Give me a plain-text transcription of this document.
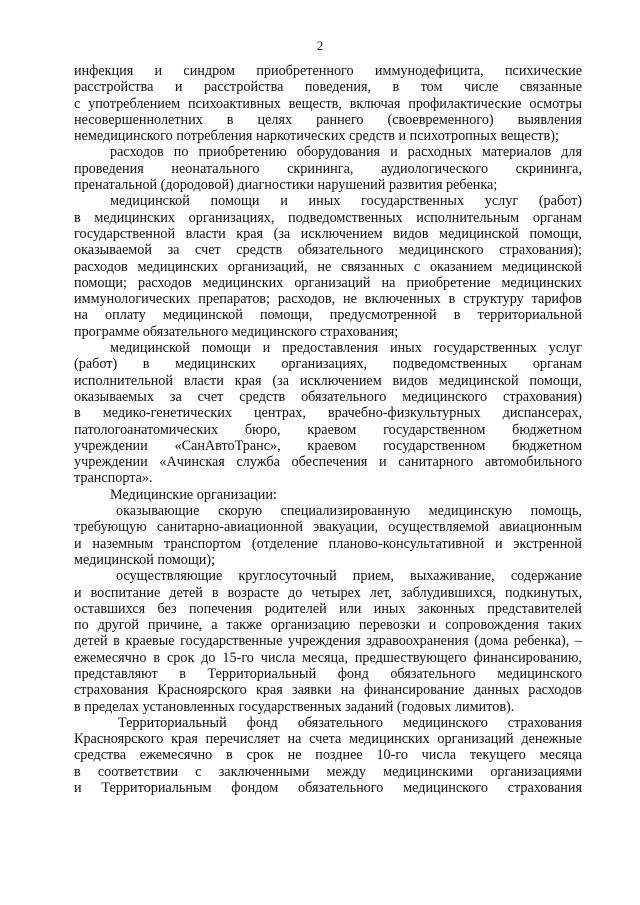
2
инфекция и синдром приобретенного иммунодефицита, психические
расстройства и расстройства поведения, в том числе связанные
с употреблением психоактивных веществ, включая профилактические осмотры
несовершеннолетних в целях раннего (своевременного) выявления
немедицинского потребления наркотических средств и психотропных веществ);
расходов по приобретению оборудования и расходных материалов для
проведения неонатального скрининга, аудиологического скрининга,
пренатальной (дородовой) диагностики нарушений развития ребенка;
медицинской помощи и иных государственных услуг (работ)
в медицинских организациях, подведомственных исполнительным органам
государственной власти края (за исключением видов медицинской помощи,
оказываемой за счет средств обязательного медицинского страхования);
расходов медицинских организаций, не связанных с оказанием медицинской
помощи; расходов медицинских организаций на приобретение медицинских
иммунологических препаратов; расходов, не включенных в структуру тарифов
на оплату медицинской помощи, предусмотренной в территориальной
программе обязательного медицинского страхования;
медицинской помощи и предоставления иных государственных услуг
(работ) в медицинских организациях, подведомственных органам
исполнительной власти края (за исключением видов медицинской помощи,
оказываемых за счет средств обязательного медицинского страхования)
в медико-генетических центрах, врачебно-физкультурных диспансерах,
патологоанатомических бюро, краевом государственном бюджетном
учреждении «СанАвтоТранс», краевом государственном бюджетном
учреждении «Ачинская служба обеспечения и санитарного автомобильного
транспорта».
Медицинские организации:
оказывающие скорую специализированную медицинскую помощь,
требующую санитарно-авиационной эвакуации, осуществляемой авиационным
и наземным транспортом (отделение планово-консультативной и экстренной
медицинской помощи);
осуществляющие круглосуточный прием, выхаживание, содержание
и воспитание детей в возрасте до четырех лет, заблудившихся, подкинутых,
оставшихся без попечения родителей или иных законных представителей
по другой причине, а также организацию перевозки и сопровождения таких
детей в краевые государственные учреждения здравоохранения (дома ребенка), –
ежемесячно в срок до 15-го числа месяца, предшествующего финансированию,
представляют в Территориальный фонд обязательного медицинского
страхования Красноярского края заявки на финансирование данных расходов
в пределах установленных государственных заданий (годовых лимитов).
Территориальный фонд обязательного медицинского страхования
Красноярского края перечисляет на счета медицинских организаций денежные
средства ежемесячно в срок не позднее 10-го числа текущего месяца
в соответствии с заключенными между медицинскими организациями
и Территориальным фондом обязательного медицинского страхования
